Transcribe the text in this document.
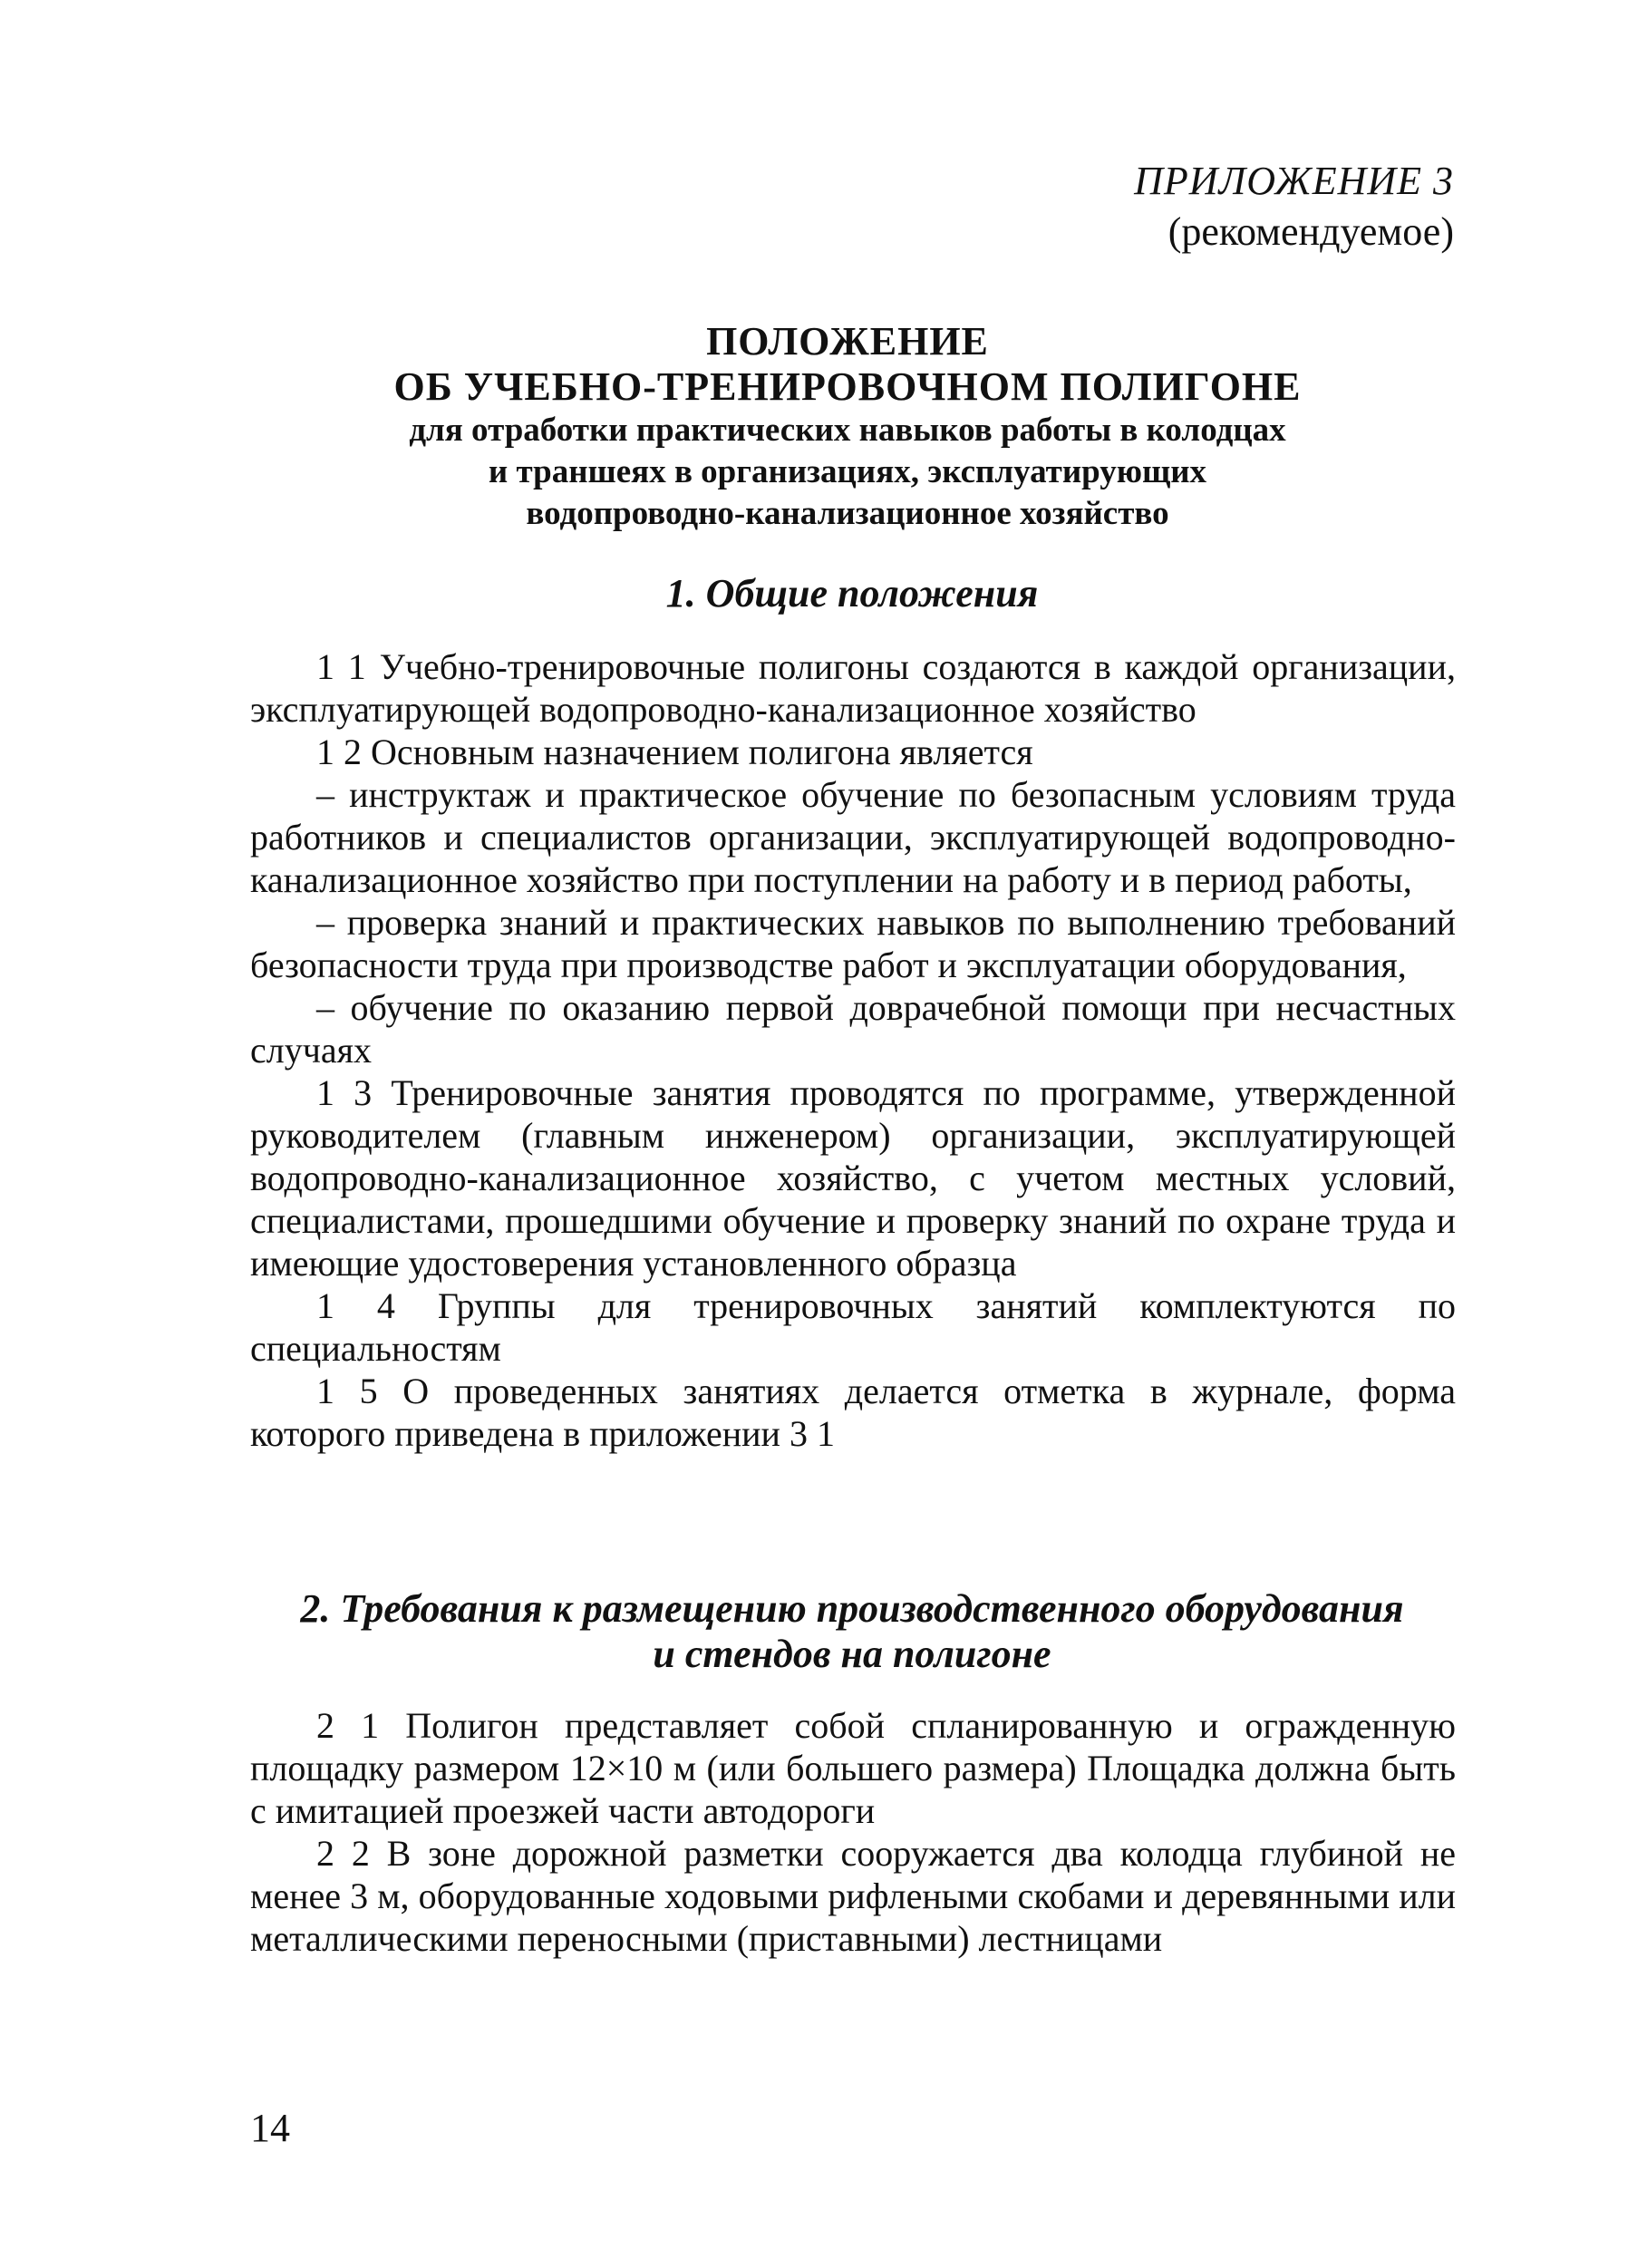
ПРИЛОЖЕНИЕ 3
(рекомендуемое)
ПОЛОЖЕНИЕ
ОБ УЧЕБНО-ТРЕНИРОВОЧНОМ ПОЛИГОНЕ
для отработки практических навыков работы в колодцах
и траншеях в организациях, эксплуатирующих
водопроводно-канализационное хозяйство
1. Общие положения

1 1 Учебно-тренировочные полигоны создаются в каждой организации, эксплуатирующей водопроводно-канализационное хозяйство

1 2 Основным назначением полигона является

– инструктаж и практическое обучение по безопасным условиям труда работников и специалистов организации, эксплуатирующей водопроводно-канализационное хозяйство при поступлении на работу и в период работы,

– проверка знаний и практических навыков по выполнению требований безопасности труда при производстве работ и эксплуатации оборудования,

– обучение по оказанию первой доврачебной помощи при несчастных случаях

1 3 Тренировочные занятия проводятся по программе, утвержденной руководителем (главным инженером) организации, эксплуатирующей водопроводно-канализационное хозяйство, с учетом местных условий, специалистами, прошедшими обучение и проверку знаний по охране труда и имеющие удостоверения установленного образца

1 4 Группы для тренировочных занятий комплектуются по специальностям

1 5 О проведенных занятиях делается отметка в журнале, форма которого приведена в приложении 3 1

2. Требования к размещению производственного оборудования
и стендов на полигоне

2 1 Полигон представляет собой спланированную и огражденную площадку размером 12×10 м (или большего размера) Площадка должна быть с имитацией проезжей части автодороги

2 2 В зоне дорожной разметки сооружается два колодца глубиной не менее 3 м, оборудованные ходовыми рифлеными скобами и деревянными или металлическими переносными (приставными) лестницами

14
